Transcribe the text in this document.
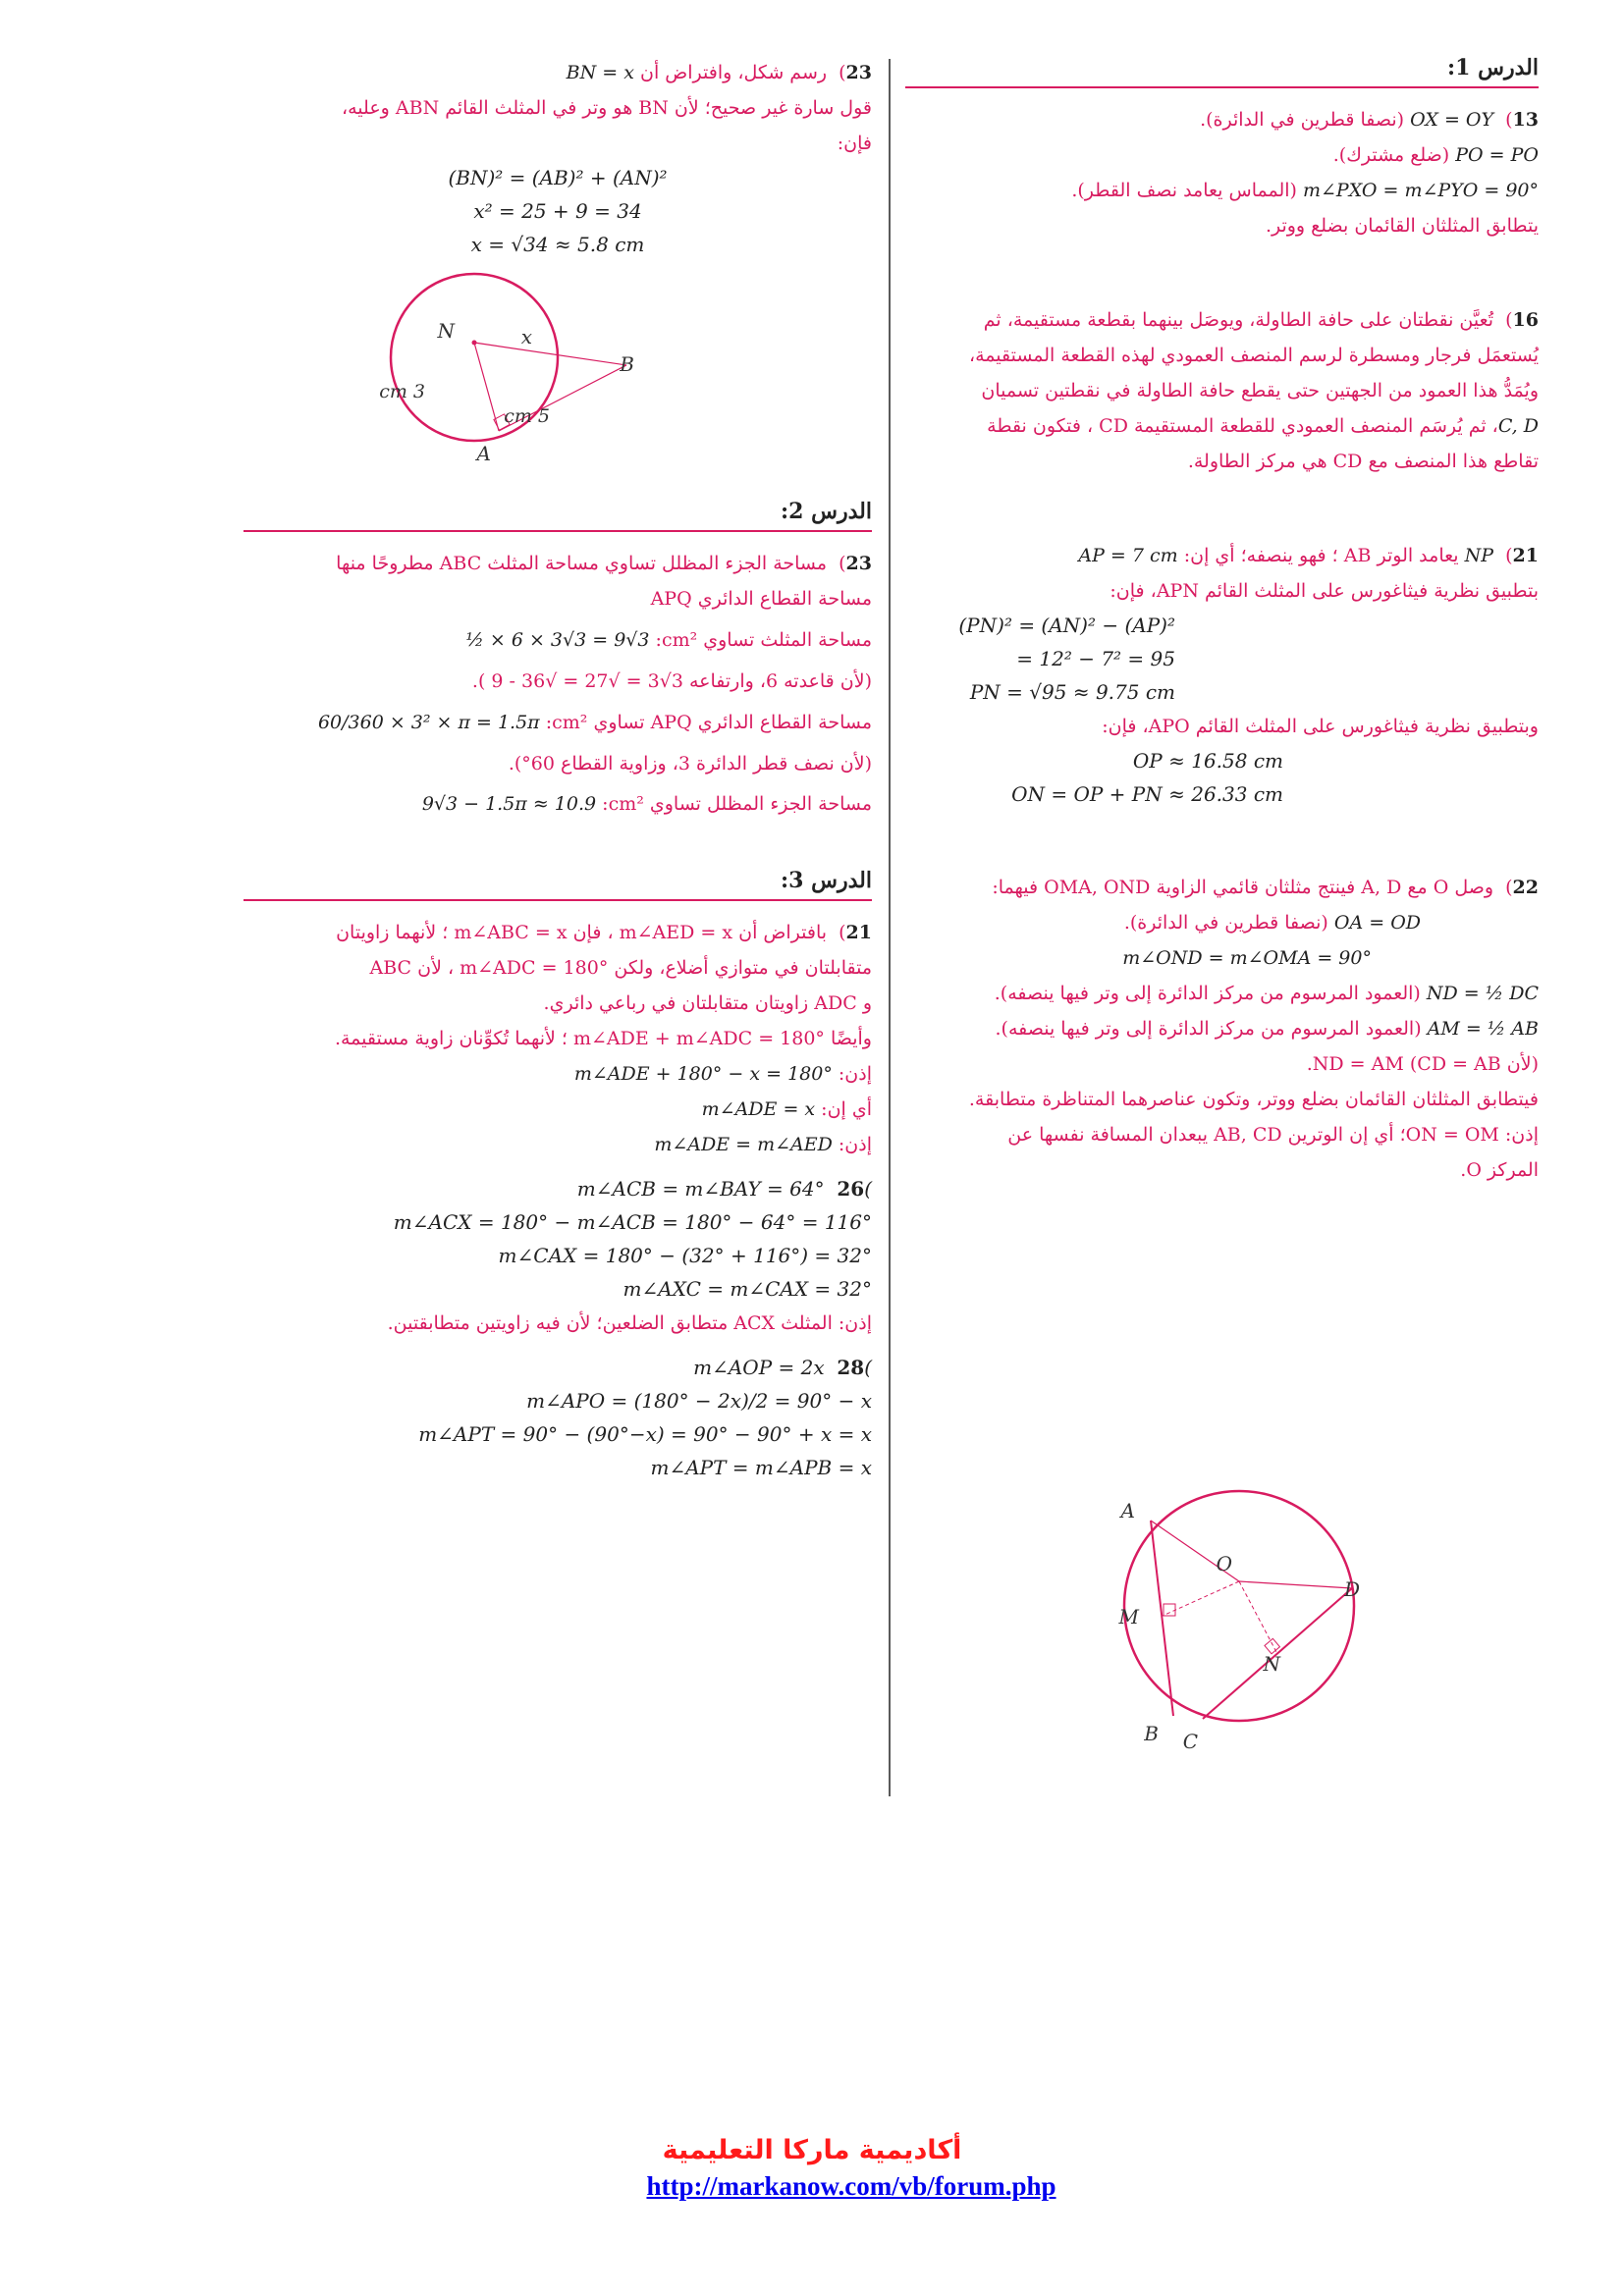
الدرس 1:
13)  OX = OY (نصفا قطرين في الدائرة).
PO = PO (ضلع مشترك).
m∠PXO = m∠PYO = 90° (المماس يعامد نصف القطر).
يتطابق المثلثان القائمان بضلع ووتر.
16)  تُعيَّن نقطتان على حافة الطاولة، ويوصَل بينهما بقطعة مستقيمة، ثم
يُستعمَل فرجار ومسطرة لرسم المنصف العمودي لهذه القطعة المستقيمة،
ويُمَدُّ هذا العمود من الجهتين حتى يقطع حافة الطاولة في نقطتين تسميان
C, D، ثم يُرسَم المنصف العمودي للقطعة المستقيمة CD ، فتكون نقطة
تقاطع هذا المنصف مع CD هي مركز الطاولة.
21)  NP يعامد الوتر AB ؛ فهو ينصفه؛ أي إن: AP = 7 cm
بتطبيق نظرية فيثاغورس على المثلث القائم APN، فإن:
(PN)² = (AN)² − (AP)²
= 12² − 7² = 95
PN = √95 ≈ 9.75 cm
وبتطبيق نظرية فيثاغورس على المثلث القائم APO، فإن:
OP ≈ 16.58 cm
ON = OP + PN ≈ 26.33 cm
22)  وصل O مع A, D فينتج مثلثان قائمي الزاوية OMA, OND فيهما:
OA = OD (نصفا قطرين في الدائرة).
m∠OND = m∠OMA = 90°
ND = ½ DC (العمود المرسوم من مركز الدائرة إلى وتر فيها ينصفه).
AM = ½ AB (العمود المرسوم من مركز الدائرة إلى وتر فيها ينصفه).
(لأن CD = AB) ND = AM.
فيتطابق المثلثان القائمان بضلع ووتر، وتكون عناصرهما المتناظرة متطابقة.
إذن: ON = OM؛ أي إن الوترين AB, CD يبعدان المسافة نفسها عن
المركز O.
A
O
D
M
N
B C
23)  رسم شكل، وافتراض أن BN = x
قول سارة غير صحيح؛ لأن BN هو وتر في المثلث القائم ABN وعليه،
فإن:
(BN)² = (AB)² + (AN)²
x² = 25 + 9 = 34
x = √34 ≈ 5.8 cm
N	x
B
3 cm
5 cm
A
الدرس 2:
23)  مساحة الجزء المظلل تساوي مساحة المثلث ABC مطروحًا منها
مساحة القطاع الدائري APQ
مساحة المثلث تساوي cm²: ½ × 6 × 3√3 = 9√3
(لأن قاعدته 6، وارتفاعه 3√3 = √27 = √36 - 9 ).
مساحة القطاع الدائري APQ تساوي cm²: 60/360 × 3² × π = 1.5π
(لأن نصف قطر الدائرة 3، وزاوية القطاع 60°).
مساحة الجزء المظلل تساوي cm²: 9√3 − 1.5π ≈ 10.9
الدرس 3:
21)  بافتراض أن m∠AED = x ، فإن m∠ABC = x ؛ لأنهما زاويتان
متقابلتان في متوازي أضلاع، ولكن m∠ADC = 180° ، لأن ABC
و ADC زاويتان متقابلتان في رباعي دائري.
وأيضًا m∠ADE + m∠ADC = 180° ؛ لأنهما تُكوِّنان زاوية مستقيمة.
إذن: m∠ADE + 180° − x = 180°
أي إن: m∠ADE = x
إذن: m∠ADE = m∠AED
m∠ACB = m∠BAY = 64° 26(
m∠ACX = 180° − m∠ACB = 180° − 64° = 116°
m∠CAX = 180° − (32° + 116°) = 32°
m∠AXC = m∠CAX = 32°
إذن: المثلث ACX متطابق الضلعين؛ لأن فيه زاويتين متطابقتين.
m∠AOP = 2x 28(
m∠APO = (180° − 2x)/2 = 90° − x
m∠APT = 90° − (90°−x) = 90° − 90° + x = x
m∠APT = m∠APB = x
أكاديمية ماركا التعليمية
http://markanow.com/vb/forum.php
